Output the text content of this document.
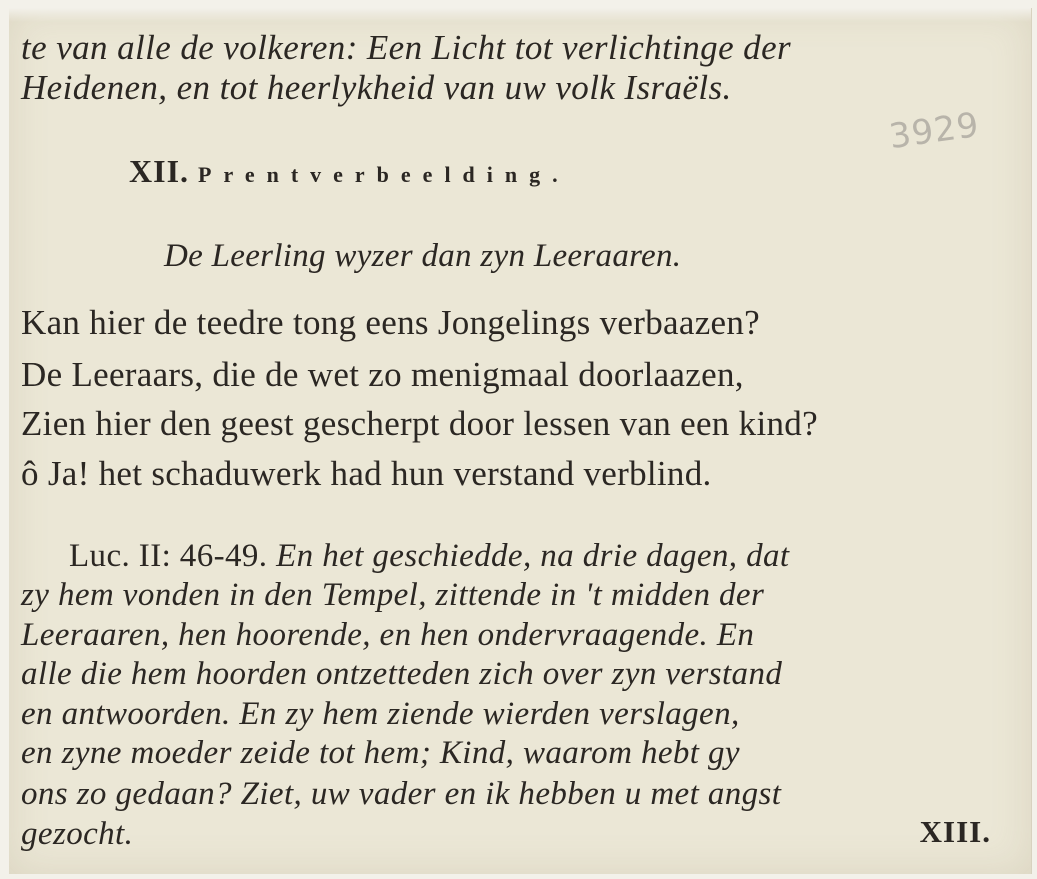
te van alle de volkeren: Een Licht tot verlichtinge der

Heidenen, en tot heerlykheid van uw volk Israëls.

3929

XII. Prentverbeelding.

De Leerling wyzer dan zyn Leeraaren.

Kan hier de teedre tong eens Jongelings verbaazen?

De Leeraars, die de wet zo menigmaal doorlaazen,

Zien hier den geest gescherpt door lessen van een kind?

ô Ja! het schaduwerk had hun verstand verblind.

Luc. II: 46-49. En het geschiedde, na drie dagen, dat

zy hem vonden in den Tempel, zittende in 't midden der

Leeraaren, hen hoorende, en hen ondervraagende. En

alle die hem hoorden ontzetteden zich over zyn verstand

en antwoorden. En zy hem ziende wierden verslagen,

en zyne moeder zeide tot hem; Kind, waarom hebt gy

ons zo gedaan? Ziet, uw vader en ik hebben u met angst

gezocht.	XIII.
